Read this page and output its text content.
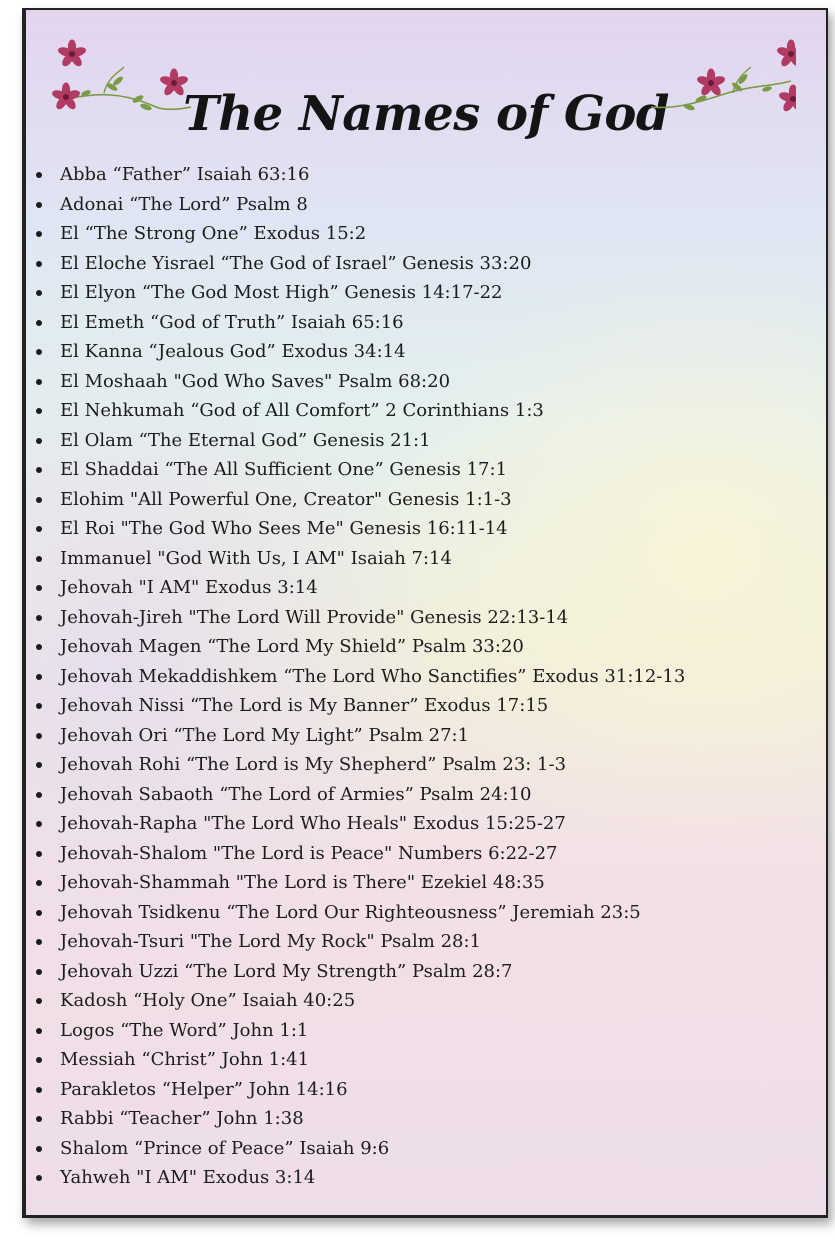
The Names of God
Abba “Father” Isaiah 63:16
Adonai “The Lord” Psalm 8
El “The Strong One” Exodus 15:2
El Eloche Yisrael “The God of Israel” Genesis 33:20
El Elyon “The God Most High” Genesis 14:17-22
El Emeth “God of Truth” Isaiah 65:16
El Kanna “Jealous God” Exodus 34:14
El Moshaah "God Who Saves" Psalm 68:20
El Nehkumah “God of All Comfort” 2 Corinthians 1:3
El Olam “The Eternal God” Genesis 21:1
El Shaddai “The All Sufficient One” Genesis 17:1
Elohim "All Powerful One, Creator" Genesis 1:1-3
El Roi "The God Who Sees Me" Genesis 16:11-14
Immanuel "God With Us, I AM" Isaiah 7:14
Jehovah "I AM" Exodus 3:14
Jehovah-Jireh "The Lord Will Provide" Genesis 22:13-14
Jehovah Magen “The Lord My Shield” Psalm 33:20
Jehovah Mekaddishkem “The Lord Who Sanctifies” Exodus 31:12-13
Jehovah Nissi “The Lord is My Banner” Exodus 17:15
Jehovah Ori “The Lord My Light” Psalm 27:1
Jehovah Rohi “The Lord is My Shepherd” Psalm 23: 1-3
Jehovah Sabaoth “The Lord of Armies” Psalm 24:10
Jehovah-Rapha "The Lord Who Heals" Exodus 15:25-27
Jehovah-Shalom "The Lord is Peace" Numbers 6:22-27
Jehovah-Shammah "The Lord is There" Ezekiel 48:35
Jehovah Tsidkenu “The Lord Our Righteousness” Jeremiah 23:5
Jehovah-Tsuri "The Lord My Rock" Psalm 28:1
Jehovah Uzzi “The Lord My Strength” Psalm 28:7
Kadosh “Holy One” Isaiah 40:25
Logos “The Word” John 1:1
Messiah “Christ” John 1:41
Parakletos “Helper” John 14:16
Rabbi “Teacher” John 1:38
Shalom “Prince of Peace” Isaiah 9:6
Yahweh "I AM" Exodus 3:14
